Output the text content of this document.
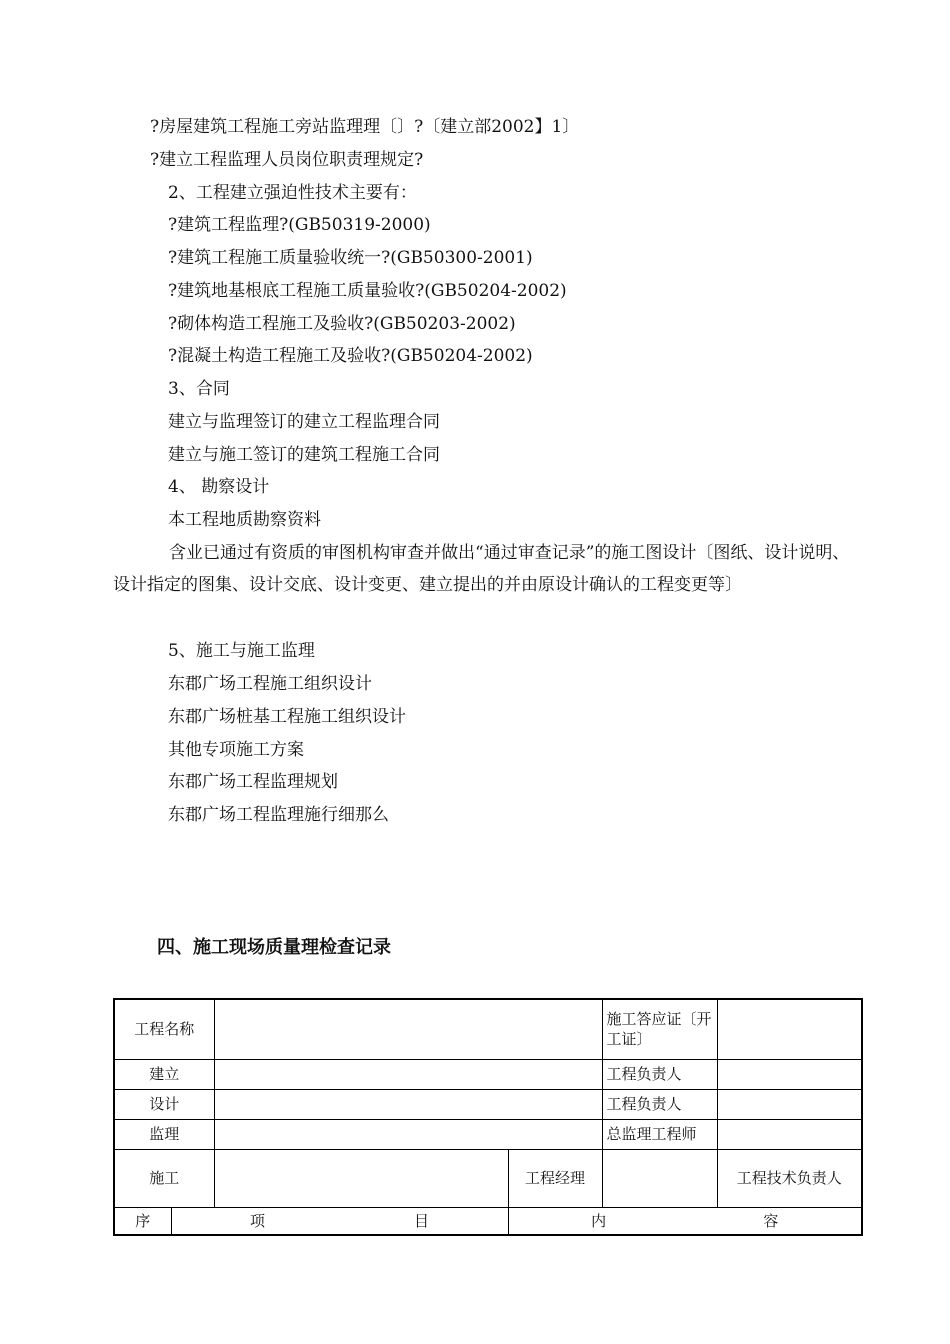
?房屋建筑工程施工旁站监理理〔〕?〔建立部2002】1〕
?建立工程监理人员岗位职责理规定?
2、工程建立强迫性技术主要有：
?建筑工程监理?(GB50319-2000)
?建筑工程施工质量验收统一?(GB50300-2001)
?建筑地基根底工程施工质量验收?(GB50204-2002)
?砌体构造工程施工及验收?(GB50203-2002)
?混凝土构造工程施工及验收?(GB50204-2002)
3、合同
建立与监理签订的建立工程监理合同
建立与施工签订的建筑工程施工合同
4、 勘察设计
本工程地质勘察资料
含业已通过有资质的审图机构审查并做出“通过审查记录”的施工图设计〔图纸、设计说明、设计指定的图集、设计交底、设计变更、建立提出的并由原设计确认的工程变更等〕
5、施工与施工监理
东郡广场工程施工组织设计
东郡广场桩基工程施工组织设计
其他专项施工方案
东郡广场工程监理规划
东郡广场工程监理施行细那么
四、施工现场质量理检查记录
工程名称				施工答应证〔开工证〕	
建立				工程负责人	
设计				工程负责人	
监理				总监理工程师	
施工			工程经理		工程技术负责人
序	项 目		内 容		
